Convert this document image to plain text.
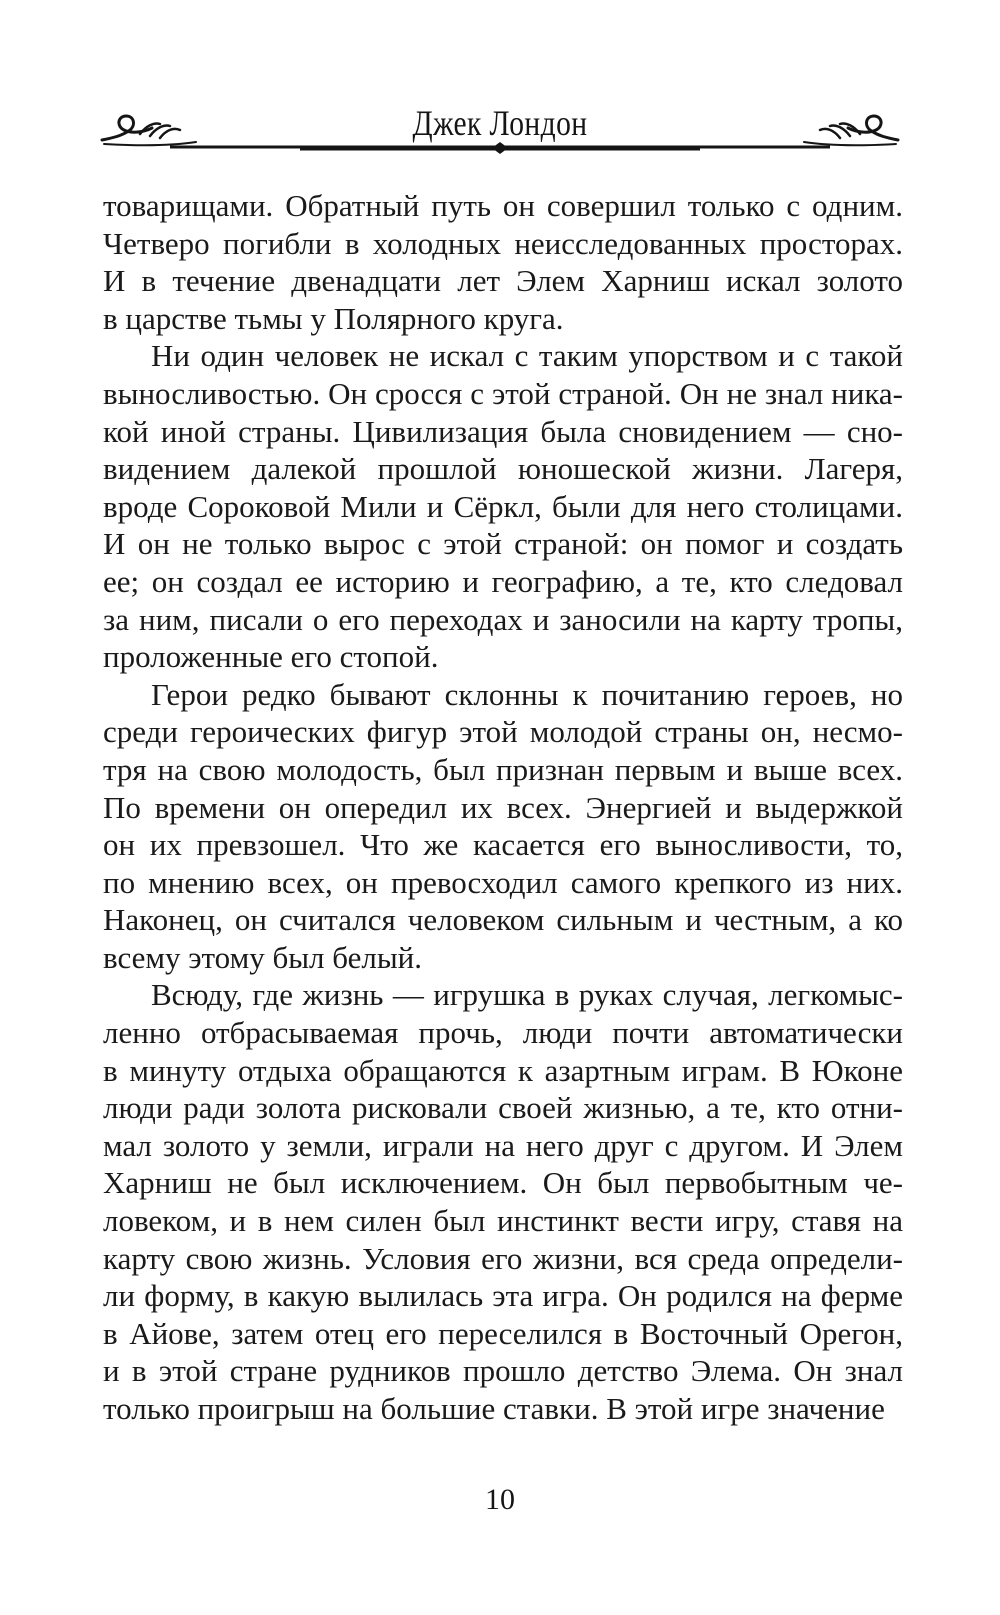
Джек Лондон

товарищами. Обратный путь он совершил только с одним.
Четверо погибли в холодных неисследованных просторах.
И в течение двенадцати лет Элем Харниш искал золото
в царстве тьмы у Полярного круга.

Ни один человек не искал с таким упорством и с такой
выносливостью. Он сросся с этой страной. Он не знал ника-
кой иной страны. Цивилизация была сновидением — сно-
видением далекой прошлой юношеской жизни. Лагеря,
вроде Сороковой Мили и Сёркл, были для него столицами.
И он не только вырос с этой страной: он помог и создать
ее; он создал ее историю и географию, а те, кто следовал
за ним, писали о его переходах и заносили на карту тропы,
проложенные его стопой.

Герои редко бывают склонны к почитанию героев, но
среди героических фигур этой молодой страны он, несмо-
тря на свою молодость, был признан первым и выше всех.
По времени он опередил их всех. Энергией и выдержкой
он их превзошел. Что же касается его выносливости, то,
по мнению всех, он превосходил самого крепкого из них.
Наконец, он считался человеком сильным и честным, а ко
всему этому был белый.

Всюду, где жизнь — игрушка в руках случая, легкомыс-
ленно отбрасываемая прочь, люди почти автоматически
в минуту отдыха обращаются к азартным играм. В Юконе
люди ради золота рисковали своей жизнью, а те, кто отни-
мал золото у земли, играли на него друг с другом. И Элем
Харниш не был исключением. Он был первобытным че-
ловеком, и в нем силен был инстинкт вести игру, ставя на
карту свою жизнь. Условия его жизни, вся среда определи-
ли форму, в какую вылилась эта игра. Он родился на ферме
в Айове, затем отец его переселился в Восточный Орегон,
и в этой стране рудников прошло детство Элема. Он знал
только проигрыш на большие ставки. В этой игре значение

10
